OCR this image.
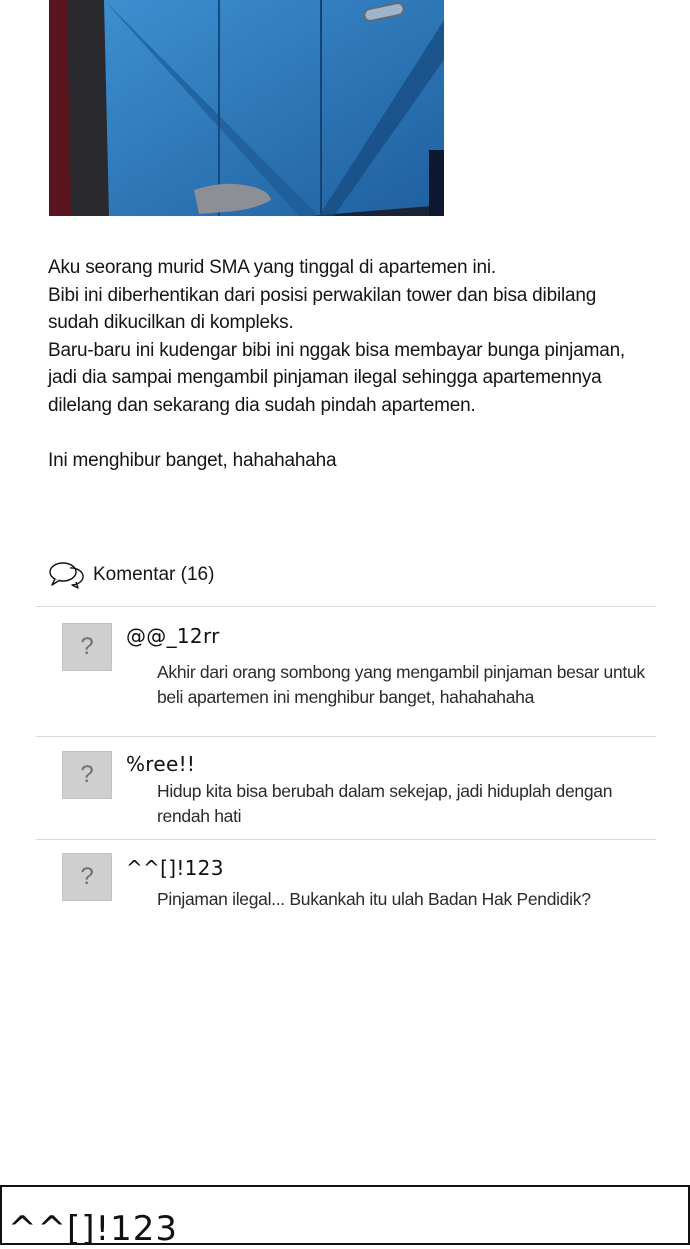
Aku seorang murid SMA yang tinggal di apartemen ini.

Bibi ini diberhentikan dari posisi perwakilan tower dan bisa dibilang

sudah dikucilkan di kompleks.

Baru-baru ini kudengar bibi ini nggak bisa membayar bunga pinjaman,

jadi dia sampai mengambil pinjaman ilegal sehingga apartemennya

dilelang dan sekarang dia sudah pindah apartemen.

Ini menghibur banget, hahahahaha

Komentar (16)
?	@@_12rr
Akhir dari orang sombong yang mengambil pinjaman besar untuk
beli apartemen ini menghibur banget, hahahahaha
?	%ree!!
Hidup kita bisa berubah dalam sekejap, jadi hiduplah dengan
rendah hati
?	^^[]!123
Pinjaman ilegal... Bukankah itu ulah Badan Hak Pendidik?
^^[]!123
